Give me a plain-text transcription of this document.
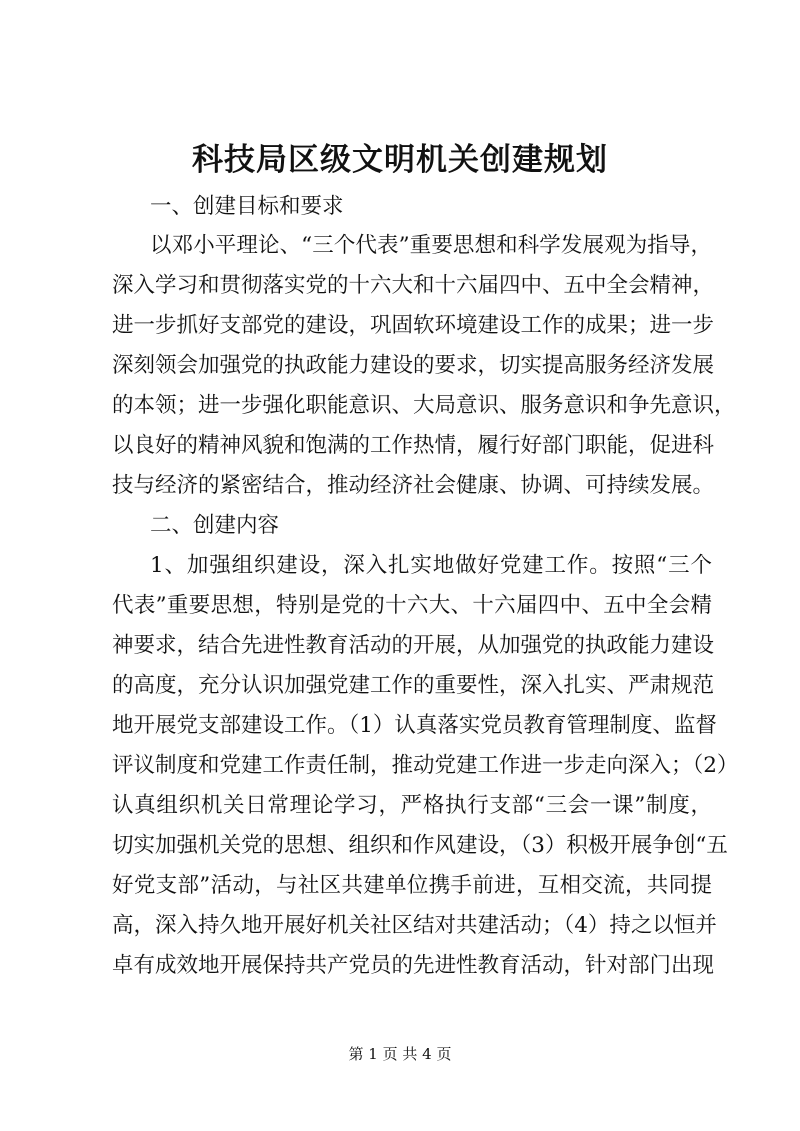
科技局区级文明机关创建规划
一、创建目标和要求
以邓小平理论、“三个代表”重要思想和科学发展观为指导，
深入学习和贯彻落实党的十六大和十六届四中、五中全会精神，
进一步抓好支部党的建设，巩固软环境建设工作的成果；进一步
深刻领会加强党的执政能力建设的要求，切实提高服务经济发展
的本领；进一步强化职能意识、大局意识、服务意识和争先意识，
以良好的精神风貌和饱满的工作热情，履行好部门职能，促进科
技与经济的紧密结合，推动经济社会健康、协调、可持续发展。
二、创建内容
1、加强组织建设，深入扎实地做好党建工作。按照“三个
代表”重要思想，特别是党的十六大、十六届四中、五中全会精
神要求，结合先进性教育活动的开展，从加强党的执政能力建设
的高度，充分认识加强党建工作的重要性，深入扎实、严肃规范
地开展党支部建设工作。（1）认真落实党员教育管理制度、监督
评议制度和党建工作责任制，推动党建工作进一步走向深入；（2）
认真组织机关日常理论学习，严格执行支部“三会一课”制度，
切实加强机关党的思想、组织和作风建设，（3）积极开展争创“五
好党支部”活动，与社区共建单位携手前进，互相交流，共同提
高，深入持久地开展好机关社区结对共建活动；（4）持之以恒并
卓有成效地开展保持共产党员的先进性教育活动，针对部门出现
第 1 页 共 4 页
